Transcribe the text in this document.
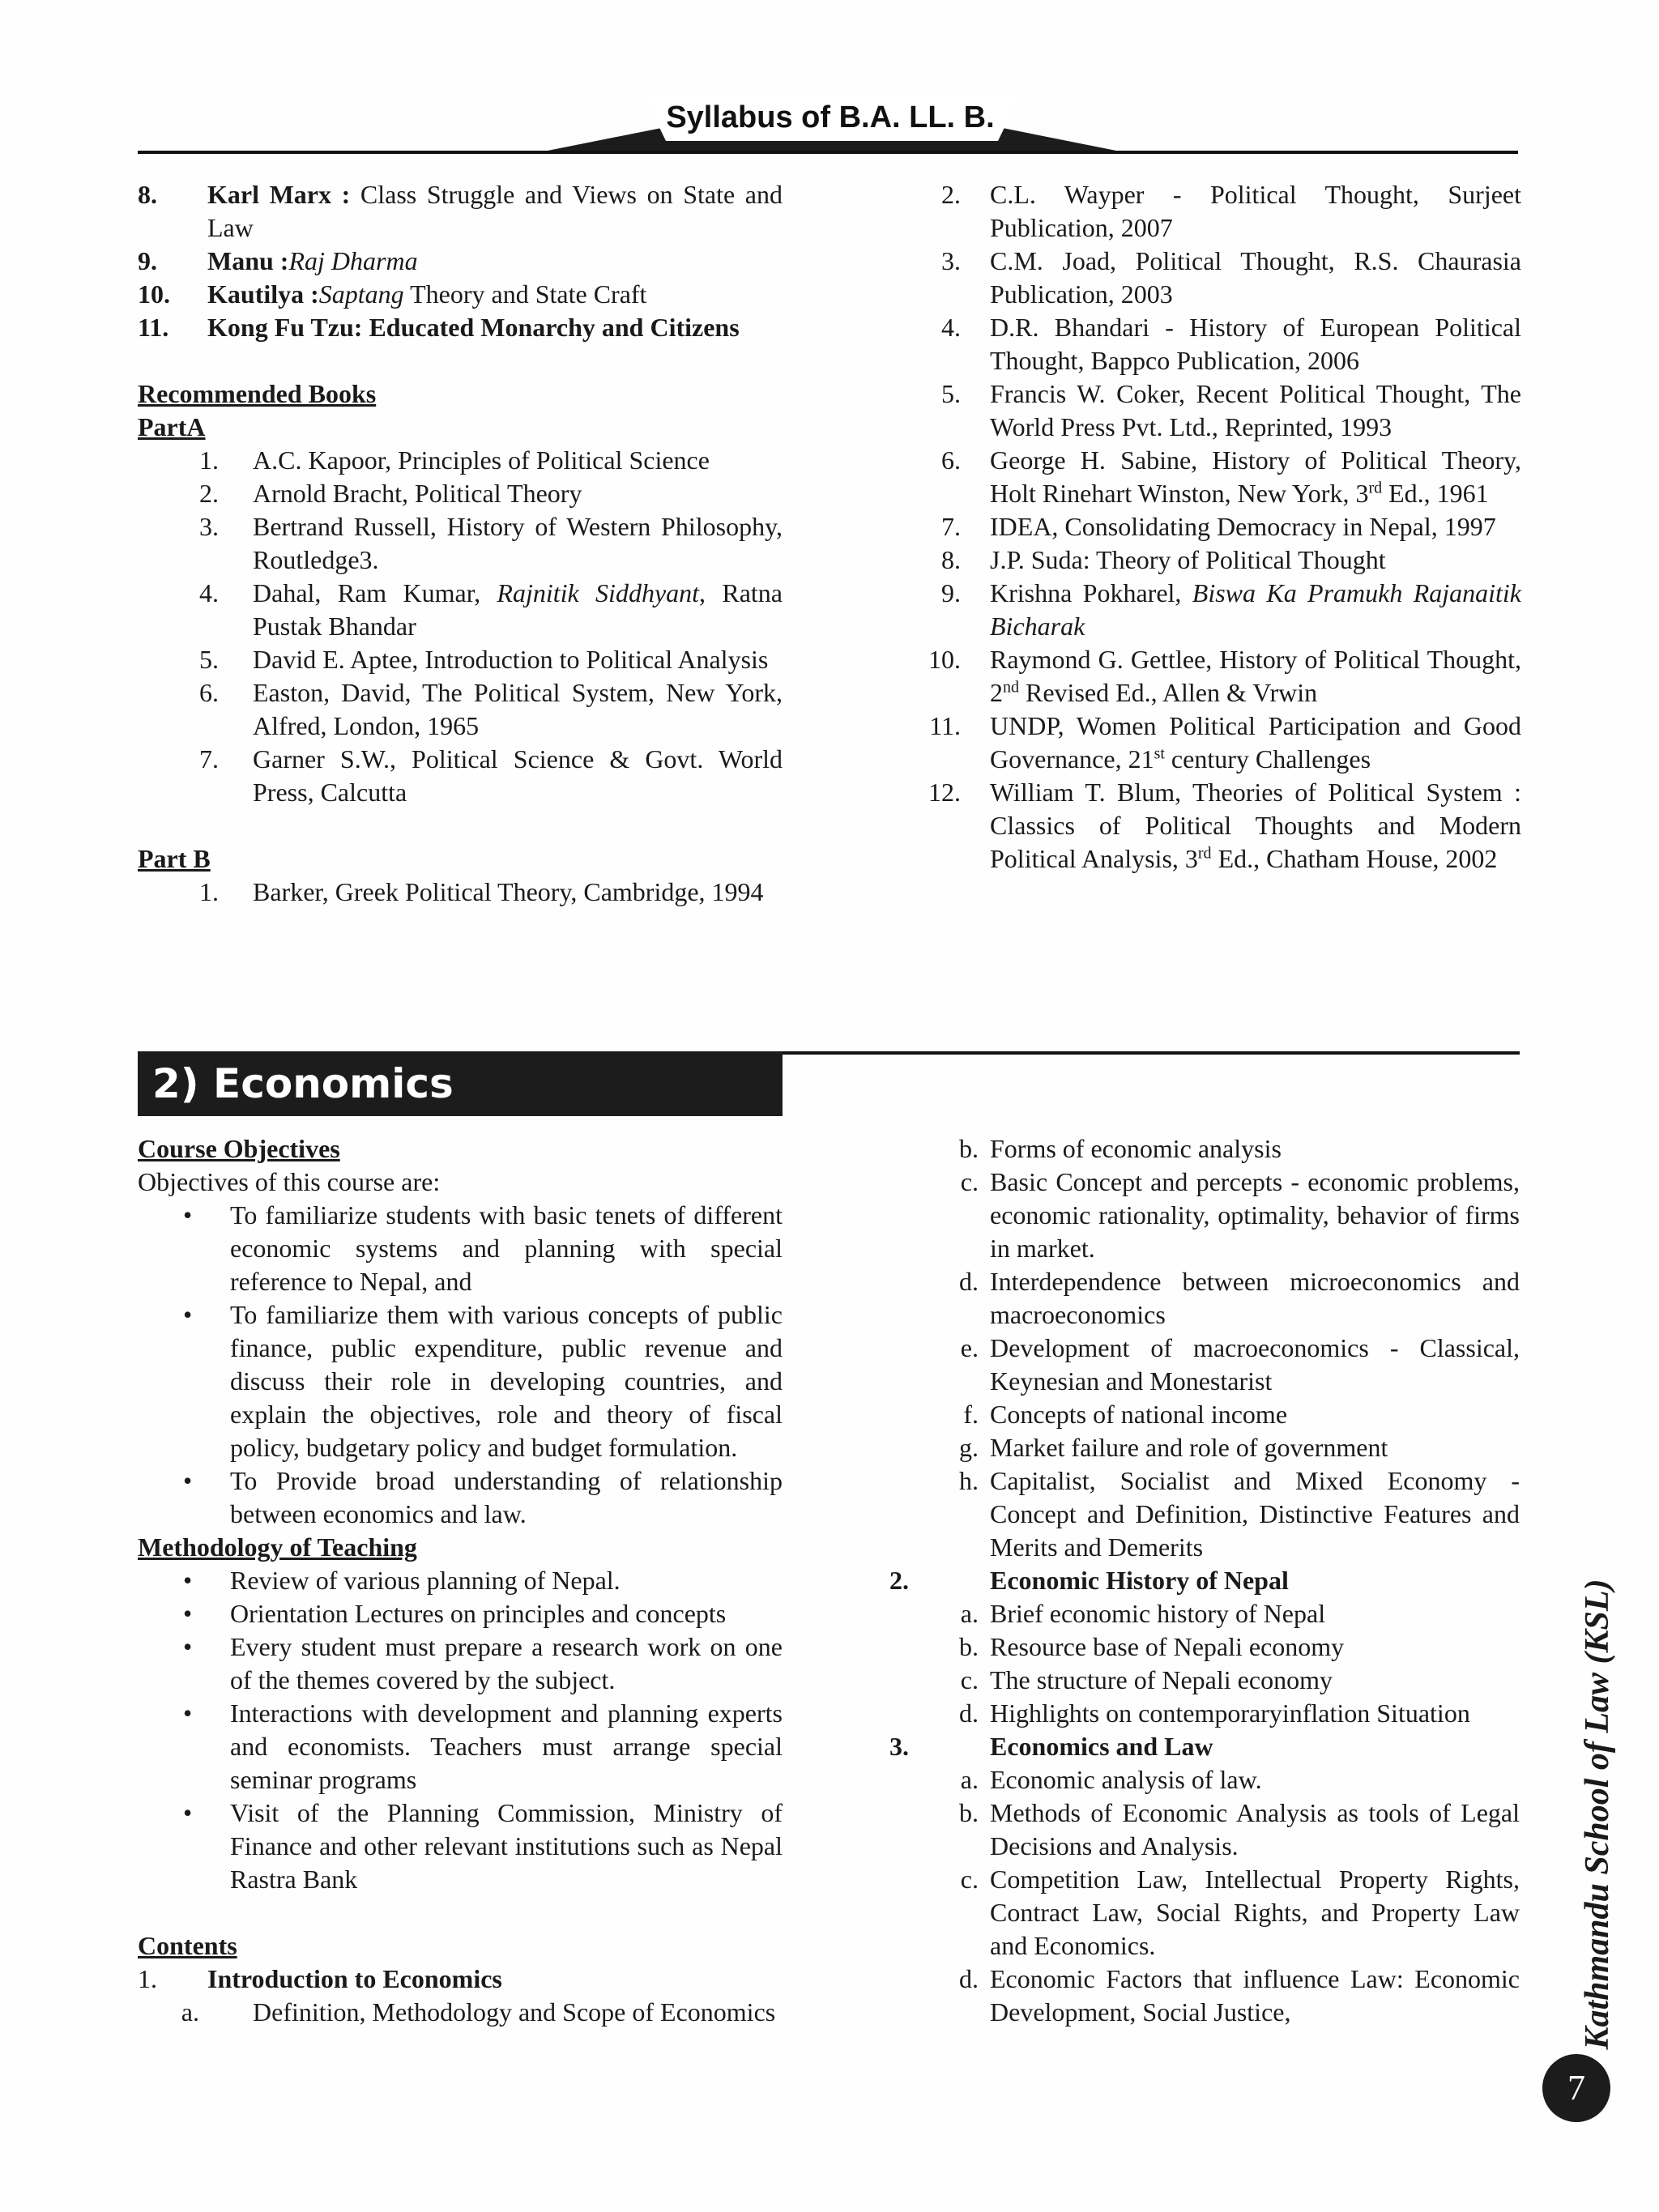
Syllabus of B.A. LL. B.
8. Karl Marx : Class Struggle and Views on State and Law
9. Manu :Raj Dharma
10. Kautilya :Saptang Theory and State Craft
11. Kong Fu Tzu: Educated Monarchy and Citizens
Recommended Books
PartA
1. A.C. Kapoor, Principles of Political Science
2. Arnold Bracht, Political Theory
3. Bertrand Russell, History of Western Philosophy, Routledge3.
4. Dahal, Ram Kumar, Rajnitik Siddhyant, Ratna Pustak Bhandar
5. David E. Aptee, Introduction to Political Analysis
6. Easton, David, The Political System, New York, Alfred, London, 1965
7. Garner S.W., Political Science & Govt. World Press, Calcutta
Part B
1. Barker, Greek Political Theory, Cambridge, 1994
2. C.L. Wayper - Political Thought, Surjeet Publication, 2007
3. C.M. Joad, Political Thought, R.S. Chaurasia Publication, 2003
4. D.R. Bhandari - History of European Political Thought, Bappco Publication, 2006
5. Francis W. Coker, Recent Political Thought, The World Press Pvt. Ltd., Reprinted, 1993
6. George H. Sabine, History of Political Theory, Holt Rinehart Winston, New York, 3rd Ed., 1961
7. IDEA, Consolidating Democracy in Nepal, 1997
8. J.P. Suda: Theory of Political Thought
9. Krishna Pokharel, Biswa Ka Pramukh Rajanaitik Bicharak
10. Raymond G. Gettlee, History of Political Thought, 2nd Revised Ed., Allen & Vrwin
11. UNDP, Women Political Participation and Good Governance, 21st century Challenges
12. William T. Blum, Theories of Political System : Classics of Political Thoughts and Modern Political Analysis, 3rd Ed., Chatham House, 2002
2) Economics
Course Objectives
Objectives of this course are:
• To familiarize students with basic tenets of different economic systems and planning with special reference to Nepal, and
• To familiarize them with various concepts of public finance, public expenditure, public revenue and discuss their role in developing countries, and explain the objectives, role and theory of fiscal policy, budgetary policy and budget formulation.
• To Provide broad understanding of relationship between economics and law.
Methodology of Teaching
• Review of various planning of Nepal.
• Orientation Lectures on principles and concepts
• Every student must prepare a research work on one of the themes covered by the subject.
• Interactions with development and planning experts and economists. Teachers must arrange special seminar programs
• Visit of the Planning Commission, Ministry of Finance and other relevant institutions such as Nepal Rastra Bank
Contents
1. Introduction to Economics
a. Definition, Methodology and Scope of Economics
b. Forms of economic analysis
c. Basic Concept and percepts - economic problems, economic rationality, optimality, behavior of firms in market.
d. Interdependence between microeconomics and macroeconomics
e. Development of macroeconomics - Classical, Keynesian and Monestarist
f. Concepts of national income
g. Market failure and role of government
h. Capitalist, Socialist and Mixed Economy - Concept and Definition, Distinctive Features and Merits and Demerits
2.	Economic History of Nepal
a. Brief economic history of Nepal
b. Resource base of Nepali economy
c. The structure of Nepali economy
d. Highlights on contemporaryinflation Situation
3.	Economics and Law
a. Economic analysis of law.
b. Methods of Economic Analysis as tools of Legal Decisions and Analysis.
c. Competition Law, Intellectual Property Rights, Contract Law, Social Rights, and Property Law and Economics.
d. Economic Factors that influence Law: Economic Development, Social Justice,	Kathmandu School of Law (KSL)
7
